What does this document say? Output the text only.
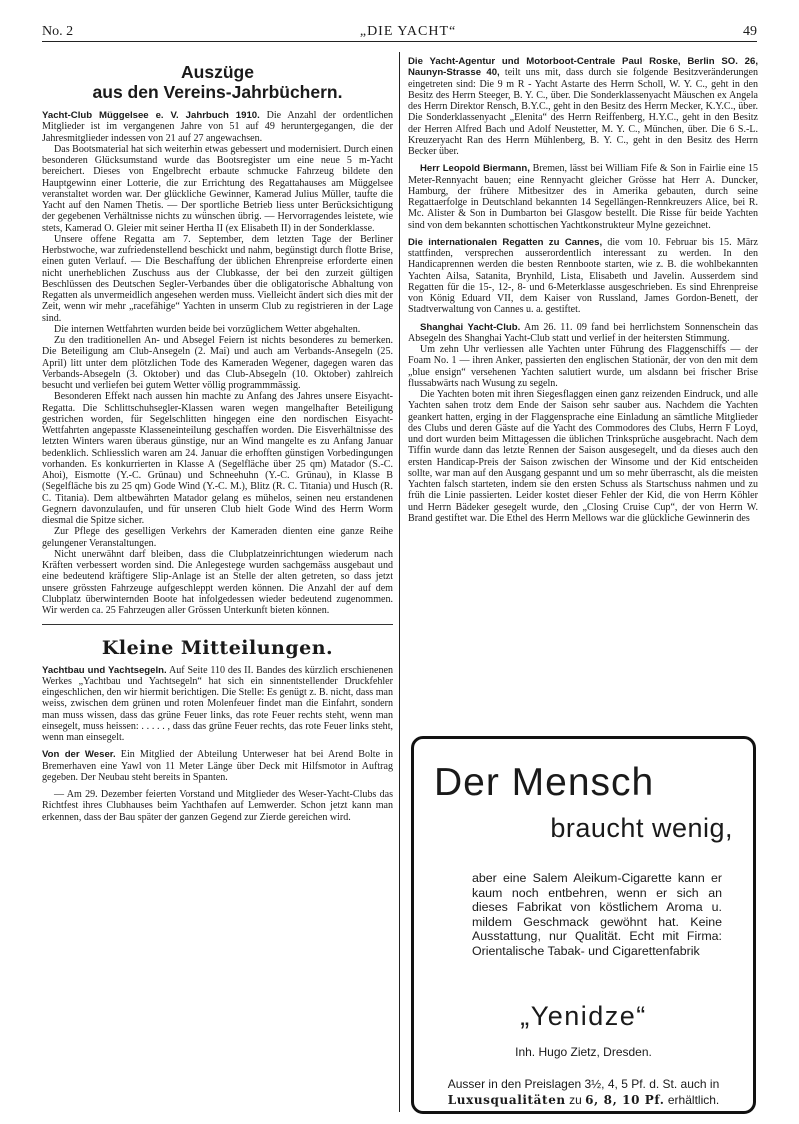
No. 2	„DIE YACHT“	49
Auszüge
aus den Vereins-Jahrbüchern.

Yacht-Club Müggelsee e. V. Jahrbuch 1910. Die Anzahl der ordentlichen Mitglieder ist im vergangenen Jahre von 51 auf 49 heruntergegangen, die der Jahresmitglieder indessen von 21 auf 27 angewachsen.

Das Bootsmaterial hat sich weiterhin etwas gebessert und modernisiert. Durch einen besonderen Glücksumstand wurde das Bootsregister um eine neue 5 m-Yacht bereichert. Dieses von Engelbrecht erbaute schmucke Fahrzeug bildete den Hauptgewinn einer Lotterie, die zur Errichtung des Regattahauses am Müggelsee veranstaltet worden war. Der glückliche Gewinner, Kamerad Julius Müller, taufte die Yacht auf den Namen Thetis. — Der sportliche Betrieb liess unter Berücksichtigung der gegebenen Verhältnisse nichts zu wünschen übrig. — Hervorragendes leistete, wie stets, Kamerad O. Gleier mit seiner Hertha II (ex Elisabeth II) in der Sonderklasse.

Unsere offene Regatta am 7. September, dem letzten Tage der Berliner Herbstwoche, war zufriedenstellend beschickt und nahm, begünstigt durch flotte Brise, einen guten Verlauf. — Die Beschaffung der üblichen Ehrenpreise erforderte einen nicht unerheblichen Zuschuss aus der Clubkasse, der bei den zurzeit gültigen Beschlüssen des Deutschen Segler-Verbandes über die obligatorische Abhaltung von Regatten als unvermeidlich angesehen werden muss. Vielleicht ändert sich dies mit der Zeit, wenn wir mehr „racefähige“ Yachten in unserm Club zu registrieren in der Lage sind.

Die internen Wettfahrten wurden beide bei vorzüglichem Wetter abgehalten.

Zu den traditionellen An- und Absegel Feiern ist nichts besonderes zu bemerken. Die Beteiligung am Club-Ansegeln (2. Mai) und auch am Verbands-Ansegeln (25. April) litt unter dem plötzlichen Tode des Kameraden Wegener, dagegen waren das Verbands-Absegeln (3. Oktober) und das Club-Absegeln (10. Oktober) zahlreich besucht und verliefen bei gutem Wetter völlig programmmässig.

Besonderen Effekt nach aussen hin machte zu Anfang des Jahres unsere Eisyacht-Regatta. Die Schlittschuhsegler-Klassen waren wegen mangelhafter Beteiligung gestrichen worden, für Segelschlitten hingegen eine den nordischen Eisyacht-Wettfahrten angepasste Klasseneinteilung geschaffen worden. Die Eisverhältnisse des letzten Winters waren überaus günstige, nur an Wind mangelte es zu Anfang Januar bedenklich. Schliesslich waren am 24. Januar die erhofften günstigen Vorbedingungen vorhanden. Es konkurrierten in Klasse A (Segelfläche über 25 qm) Matador (S.-C. Ahoi), Eismotte (Y.-C. Grünau) und Schneehuhn (Y.-C. Grünau), in Klasse B (Segelfläche bis zu 25 qm) Gode Wind (Y.-C. M.), Blitz (R. C. Titania) und Husch (R. C. Titania). Dem altbewährten Matador gelang es mühelos, seinen neu erstandenen Gegnern davonzulaufen, und für unseren Club hielt Gode Wind des Herrn Worm diesmal die Spitze sicher.

Zur Pflege des geselligen Verkehrs der Kameraden dienten eine ganze Reihe gelungener Veranstaltungen.

Nicht unerwähnt darf bleiben, dass die Clubplatzeinrichtungen wiederum nach Kräften verbessert worden sind. Die Anlegestege wurden sachgemäss ausgebaut und eine bedeutend kräftigere Slip-Anlage ist an Stelle der alten getreten, so dass jetzt unsere grössten Fahrzeuge aufgeschleppt werden können. Die Anzahl der auf dem Clubplatz überwinternden Boote hat infolgedessen wieder bedeutend zugenommen. Wir werden ca. 25 Fahrzeugen aller Grössen Unterkunft bieten können.

Kleine Mitteilungen.

Yachtbau und Yachtsegeln. Auf Seite 110 des II. Bandes des kürzlich erschienenen Werkes „Yachtbau und Yachtsegeln“ hat sich ein sinnentstellender Druckfehler eingeschlichen, den wir hiermit berichtigen. Die Stelle: Es genügt z. B. nicht, dass man weiss, zwischen dem grünen und roten Molenfeuer findet man die Einfahrt, sondern man muss wissen, dass das grüne Feuer links, das rote Feuer rechts steht, wenn man einsegelt, muss heissen: . . . . . , dass das grüne Feuer rechts, das rote Feuer links steht, wenn man einsegelt.

Von der Weser. Ein Mitglied der Abteilung Unterweser hat bei Arend Bolte in Bremerhaven eine Yawl von 11 Meter Länge über Deck mit Hilfsmotor in Auftrag gegeben. Der Neubau steht bereits in Spanten.

— Am 29. Dezember feierten Vorstand und Mitglieder des Weser-Yacht-Clubs das Richtfest ihres Clubhauses beim Yachthafen auf Lemwerder. Schon jetzt kann man erkennen, dass der Bau später der ganzen Gegend zur Zierde gereichen wird.

Die Yacht-Agentur und Motorboot-Centrale Paul Roske, Berlin SO. 26, Naunyn-Strasse 40, teilt uns mit, dass durch sie folgende Besitzveränderungen eingetreten sind: Die 9 m R - Yacht Astarte des Herrn Scholl, W. Y. C., geht in den Besitz des Herrn Steeger, B. Y. C., über. Die Sonderklassenyacht Mäuschen ex Angela des Herrn Direktor Rensch, B.Y.C., geht in den Besitz des Herrn Mecker, K.Y.C., über. Die Sonderklassenyacht „Elenita“ des Herrn Reiffenberg, H.Y.C., geht in den Besitz der Herren Alfred Bach und Adolf Neustetter, M. Y. C., München, über. Die 6 S.-L. Kreuzeryacht Ran des Herrn Mühlenberg, B. Y. C., geht in den Besitz des Herrn Becker über.

Herr Leopold Biermann, Bremen, lässt bei William Fife & Son in Fairlie eine 15 Meter-Rennyacht bauen; eine Rennyacht gleicher Grösse hat Herr A. Duncker, Hamburg, der frühere Mitbesitzer des in Amerika gebauten, durch seine Regattaerfolge in Deutschland bekannten 14 Segellängen-Rennkreuzers Alice, bei R. Mc. Alister & Son in Dumbarton bei Glasgow bestellt. Die Risse für beide Yachten sind von dem bekannten schottischen Yachtkonstrukteur Mylne gezeichnet.

Die internationalen Regatten zu Cannes, die vom 10. Februar bis 15. März stattfinden, versprechen ausserordentlich interessant zu werden. In den Handicaprennen werden die besten Rennboote starten, wie z. B. die wohlbekannten Yachten Ailsa, Satanita, Brynhild, Lista, Elisabeth und Javelin. Ausserdem sind Regatten für die 15-, 12-, 8- und 6-Meterklasse ausgeschrieben. Es sind Ehrenpreise von König Eduard VII, dem Kaiser von Russland, James Gordon-Benett, der Stadtverwaltung von Cannes u. a. gestiftet.

Shanghai Yacht-Club. Am 26. 11. 09 fand bei herrlichstem Sonnenschein das Absegeln des Shanghai Yacht-Club statt und verlief in der heitersten Stimmung.

Um zehn Uhr verliessen alle Yachten unter Führung des Flaggenschiffs — der Foam No. 1 — ihren Anker, passierten den englischen Stationär, der von den mit dem „blue ensign“ versehenen Yachten salutiert wurde, um alsdann bei frischer Brise flussabwärts nach Wusung zu segeln.

Die Yachten boten mit ihren Siegesflaggen einen ganz reizenden Eindruck, und alle Yachten sahen trotz dem Ende der Saison sehr sauber aus. Nachdem die Yachten geankert hatten, erging in der Flaggensprache eine Einladung an sämtliche Mitglieder des Clubs und deren Gäste auf die Yacht des Commodores des Clubs, Herrn F Loyd, und dort wurden beim Mittagessen die üblichen Trinksprüche ausgebracht. Nach dem Tiffin wurde dann das letzte Rennen der Saison ausgesegelt, und da dieses auch den ersten Handicap-Preis der Saison zwischen der Winsome und der Kid entscheiden sollte, war man auf den Ausgang gespannt und um so mehr überrascht, als die meisten Yachten falsch starteten, indem sie den ersten Schuss als Startschuss nahmen und zu früh die Linie passierten. Leider kostet dieser Fehler der Kid, die von Herrn Köhler und Herrn Bädeker gesegelt wurde, den „Closing Cruise Cup“, der von Herrn W. Brand gestiftet war. Die Ethel des Herrn Mellows war die glückliche Gewinnerin des

Der Mensch
braucht wenig,
aber eine Salem Aleikum-Cigarette kann er kaum noch entbehren, wenn er sich an dieses Fabrikat von köstlichem Aroma u. mildem Geschmack gewöhnt hat. Keine Ausstattung, nur Qualität. Echt mit Firma: Orientalische Tabak- und Cigarettenfabrik
„Yenidze“
Inh. Hugo Zietz, Dresden.
Ausser in den Preislagen 3½, 4, 5 Pf. d. St. auch in
Luxusqualitäten zu 6, 8, 10 Pf. erhältlich.
